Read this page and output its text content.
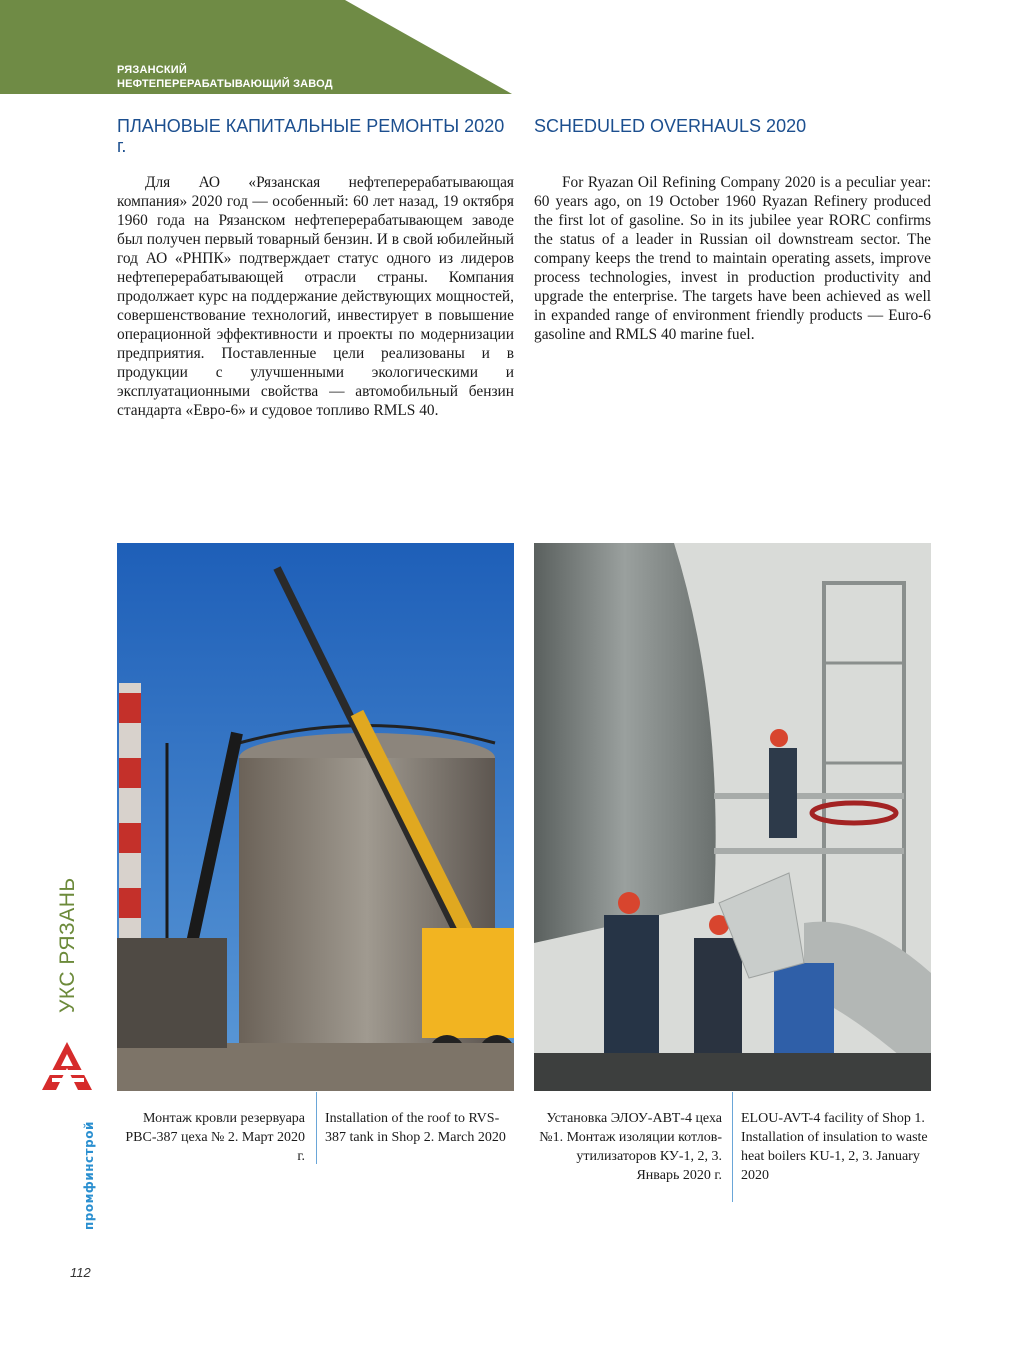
РЯЗАНСКИЙ
НЕФТЕПЕРЕРАБАТЫВАЮЩИЙ ЗАВОД
ПЛАНОВЫЕ КАПИТАЛЬНЫЕ РЕМОНТЫ 2020 г.
SCHEDULED OVERHAULS 2020

Для АО «Рязанская нефтеперерабатывающая компания» 2020 год — особенный: 60 лет назад, 19 октября 1960 года на Рязанском нефтеперерабатывающем заводе был получен первый товарный бензин. И в свой юбилейный год АО «РНПК» подтверждает статус одного из лидеров нефтеперерабатывающей отрасли страны. Компания продолжает курс на поддержание действующих мощностей, совершенствование технологий, инвестирует в повышение операционной эффективности и проекты по модернизации предприятия. Поставленные цели реализованы и в продукции с улучшенными экологическими и эксплуатационными свойства — автомобильный бензин стандарта «Евро-6» и судовое топливо RMLS 40.

For Ryazan Oil Refining Company 2020 is a peculiar year: 60 years ago, on 19 October 1960 Ryazan Refinery produced the first lot of gasoline. So in its jubilee year RORC confirms the status of a leader in Russian oil downstream sector. The company keeps the trend to maintain operating assets, improve process technologies, invest in production productivity and upgrade the enterprise. The targets have been achieved as well in expanded range of environment friendly products — Euro-6 gasoline and RMLS 40 marine fuel.

Монтаж кровли резервуара РВС-387 цеха № 2. Март 2020 г.

Installation of the roof to RVS-387 tank in Shop 2. March 2020

Установка ЭЛОУ-АВТ-4 цеха №1. Монтаж изоляции котлов-утилизаторов КУ-1, 2, 3. Январь 2020 г.

ELOU-AVT-4 facility of Shop 1. Installation of insulation to waste heat boilers KU-1, 2, 3. January 2020

УКС РЯЗАНЬ
промфинстрой
112
